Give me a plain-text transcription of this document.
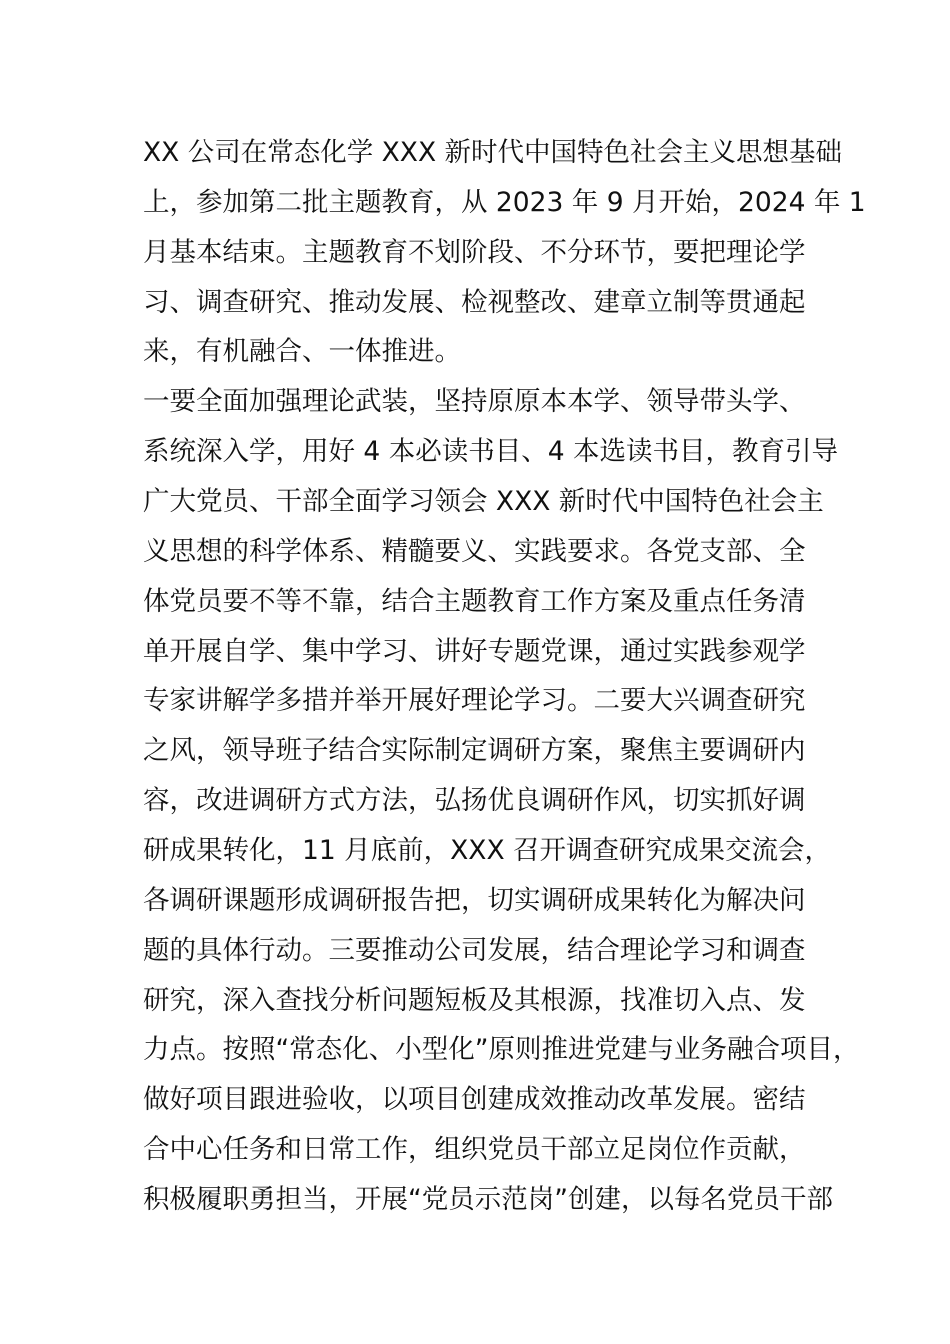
XX 公司在常态化学 XXX 新时代中国特色社会主义思想基础
上，参加第二批主题教育，从 2023 年 9 月开始，2024 年 1
月基本结束。主题教育不划阶段、不分环节，要把理论学
习、调查研究、推动发展、检视整改、建章立制等贯通起
来，有机融合、一体推进。
一要全面加强理论武装，坚持原原本本学、领导带头学、
系统深入学，用好 4 本必读书目、4 本选读书目，教育引导
广大党员、干部全面学习领会 XXX 新时代中国特色社会主
义思想的科学体系、精髓要义、实践要求。各党支部、全
体党员要不等不靠，结合主题教育工作方案及重点任务清
单开展自学、集中学习、讲好专题党课，通过实践参观学
专家讲解学多措并举开展好理论学习。二要大兴调查研究
之风，领导班子结合实际制定调研方案，聚焦主要调研内
容，改进调研方式方法，弘扬优良调研作风，切实抓好调
研成果转化，11 月底前，XXX 召开调查研究成果交流会，
各调研课题形成调研报告把，切实调研成果转化为解决问
题的具体行动。三要推动公司发展，结合理论学习和调查
研究，深入查找分析问题短板及其根源，找准切入点、发
力点。按照“常态化、小型化”原则推进党建与业务融合项目，
做好项目跟进验收，以项目创建成效推动改革发展。密结
合中心任务和日常工作，组织党员干部立足岗位作贡献，
积极履职勇担当，开展“党员示范岗”创建，以每名党员干部
